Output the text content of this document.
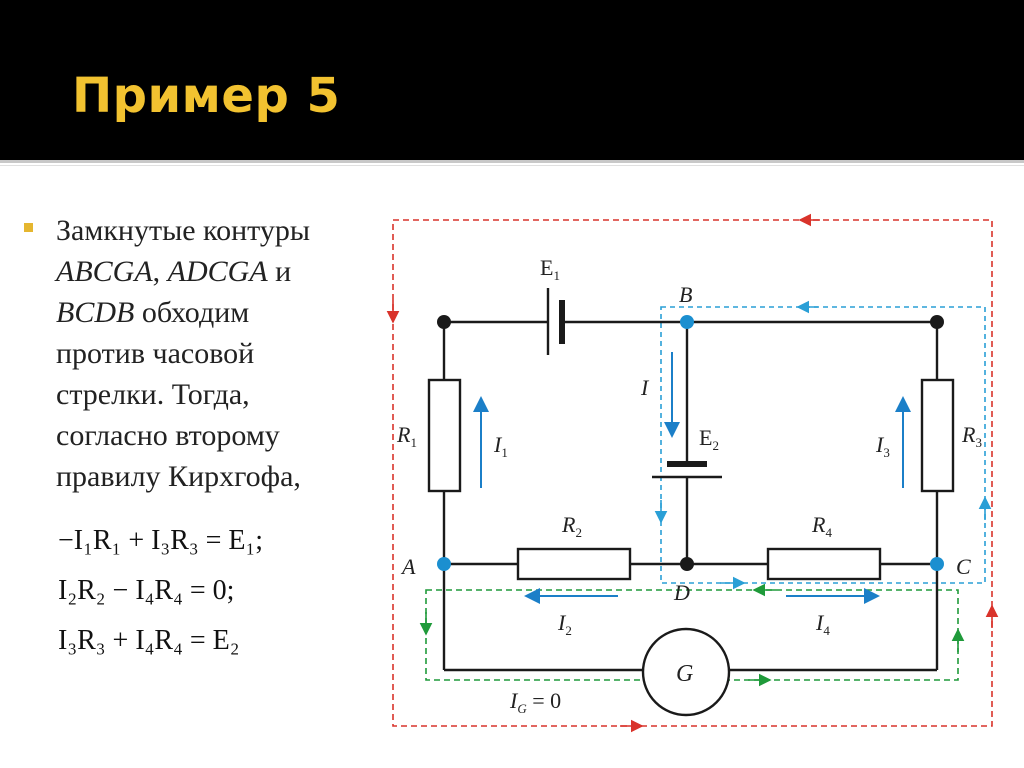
Пример 5
Замкнутые контуры
ABCGA, ADCGA и
BCDB обходим
против часовой
стрелки. Тогда,
согласно второму
правилу Кирхгофа,
−I₁R₁ + I₃R₃ = E₁;
I₂R₂ − I₄R₄ = 0;
I₃R₃ + I₄R₄ = E₂
$E_1$
B
$R_1$	$I_1$
I
$E_2$	$I_3$
$R_3$
$R_2$	$R_4$
A	C
D
$I_2$	$I_4$
G
$I_G = 0$
